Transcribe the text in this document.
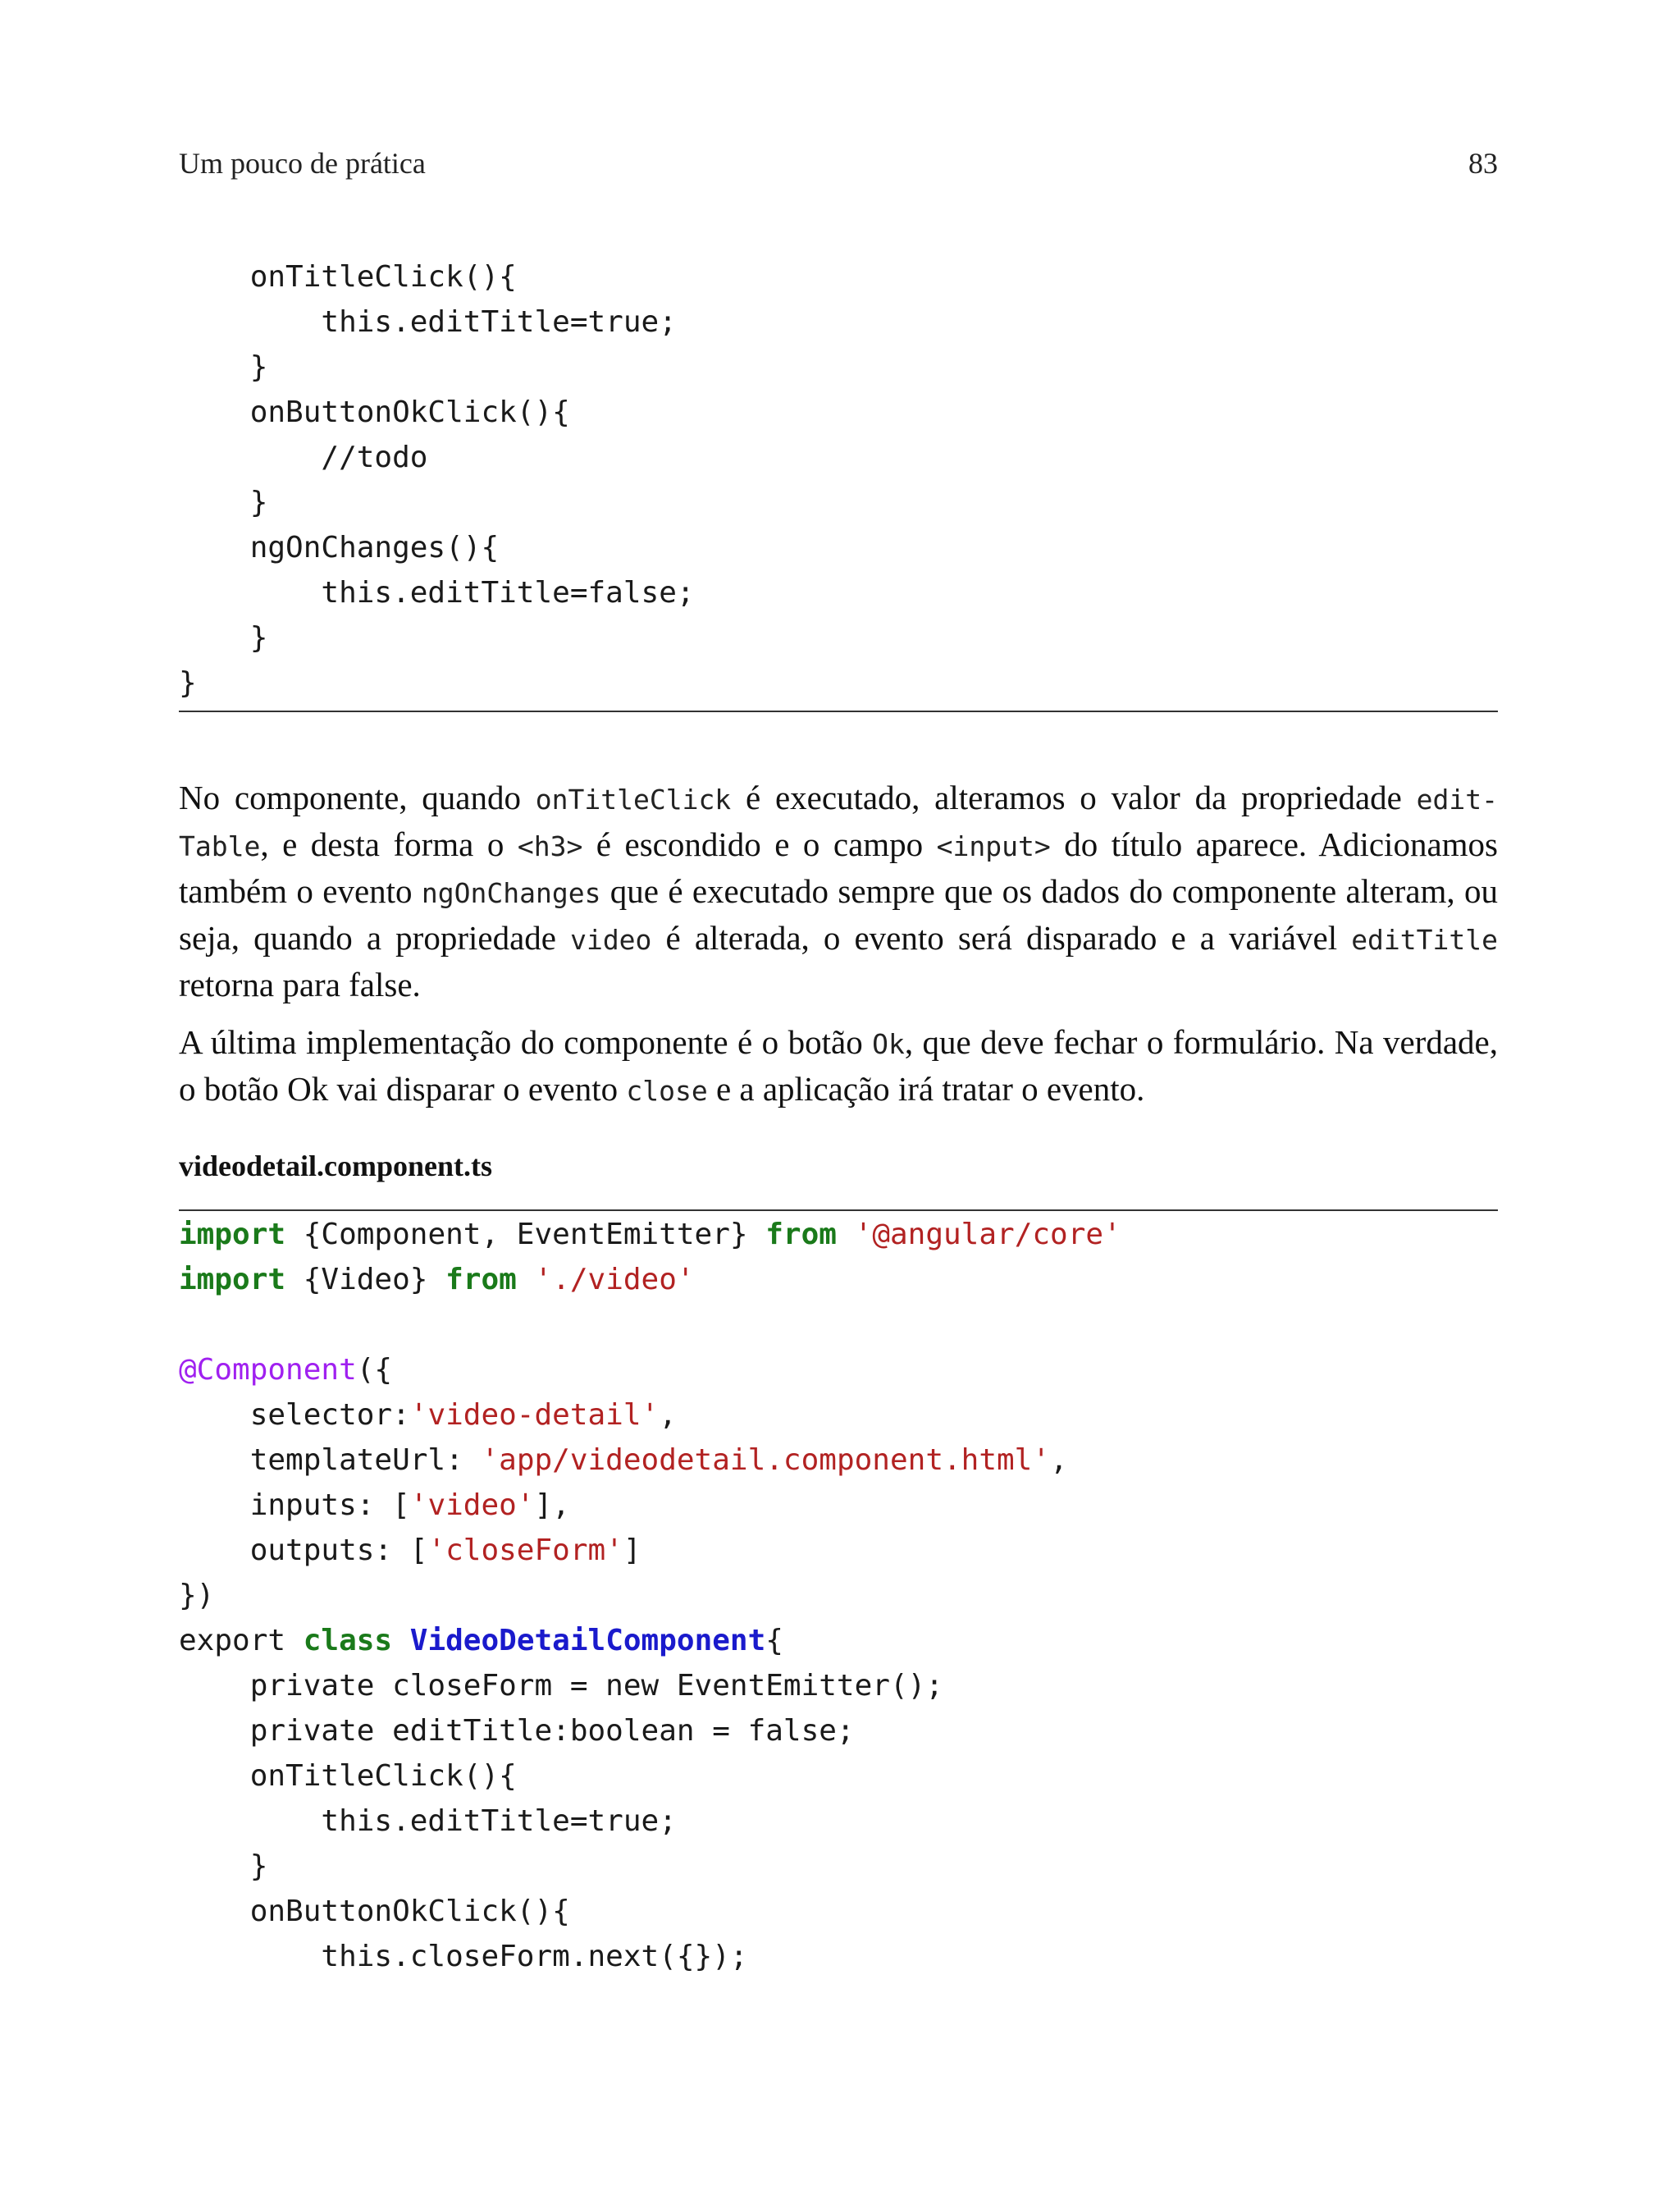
Um pouco de prática	83
onTitleClick(){
this.editTitle=true;
}
onButtonOkClick(){
//todo
}
ngOnChanges(){
this.editTitle=false;
}
}

No componente, quando onTitleClick é executado, alteramos o valor da propriedade edit-Table, e desta forma o <h3> é escondido e o campo <input> do título aparece. Adicionamos também o evento ngOnChanges que é executado sempre que os dados do componente alteram, ou seja, quando a propriedade video é alterada, o evento será disparado e a variável editTitle retorna para false.

A última implementação do componente é o botão Ok, que deve fechar o formulário. Na verdade, o botão Ok vai disparar o evento close e a aplicação irá tratar o evento.

videodetail.component.ts
import {Component, EventEmitter} from '@angular/core'
import {Video} from './video'
@Component({
selector:'video-detail',
templateUrl: 'app/videodetail.component.html',
inputs: ['video'],
outputs: ['closeForm']
})
export class VideoDetailComponent{
private closeForm = new EventEmitter();
private editTitle:boolean = false;
onTitleClick(){
this.editTitle=true;
}
onButtonOkClick(){
this.closeForm.next({});
